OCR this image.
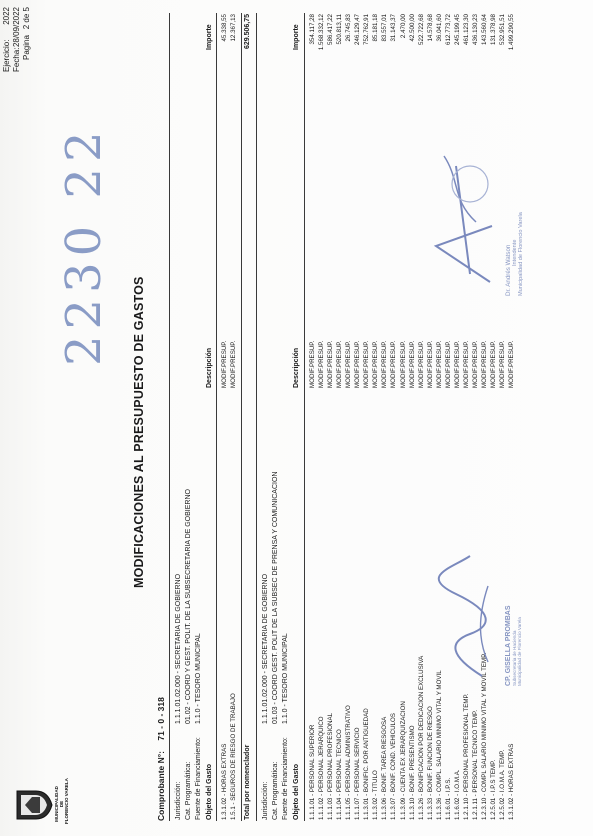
MUNICIPALIDAD DE FLORENCIO VARELA
MODIFICACIONES AL PRESUPUESTO DE GASTOS
2230 22
Ejercicio:
2022
Fecha:
28/09/2022
Pagina
2 de 5
Comprobante N°: 71 - 0 - 318
Jurisdicción:
1.1.1.01.02.000 - SECRETARIA DE GOBIERNO
Cat. Programática:
01.02 - COORD Y GEST. POLIT. DE LA SUBSECRETARIA DE GOBIERNO
Fuente de Financiamiento:
1.1.0 - TESORO MUNICIPAL
Objeto del Gasto
Descripción
Importe
1.3.1.02 - HORAS EXTRAS
MODIF.PRESUP.
45.338,55
1.5.1 - SEGUROS DE RIESGO DE TRABAJO
MODIF.PRESUP.
12.367,13
Total por nomenclador
629.506,75
Jurisdicción:
1.1.1.01.02.000 - SECRETARIA DE GOBIERNO
Cat. Programática:
01.03 - COORD GEST. POLIT DE LA SUBSEC DE PRENSA Y COMUNICACION
Fuente de Financiamiento:
1.1.0 - TESORO MUNICIPAL
Objeto del Gasto
Descripción
Importe
1.1.1.01 - PERSONAL SUPERIOR
MODIF.PRESUP.
354.117,28
1.1.1.02 - PERSONAL JERARQUICO
MODIF.PRESUP.
1.568.332,12
1.1.1.03 - PERSONAL PROFESIONAL
MODIF.PRESUP.
586.417,22
1.1.1.04 - PERSONAL TECNICO
MODIF.PRESUP.
520.813,11
1.1.1.05 - PERSONAL ADMINISTRATIVO
MODIF.PRESUP.
26.745,83
1.1.1.07 - PERSONAL SERVICIO
MODIF.PRESUP.
246.129,47
1.1.3.01 - BONIFIC. POR ANTIGUEDAD
MODIF.PRESUP.
752.762,91
1.1.3.02 - TITULO
MODIF.PRESUP.
85.181,18
1.1.3.06 - BONIF. TAREA RIESGOSA
MODIF.PRESUP.
83.557,01
1.1.3.07 - BONIF. COND. VEHICULOS
MODIF.PRESUP.
31.143,37
1.1.3.09 - CUENTA EX JERARQUIZACION
MODIF.PRESUP.
2.470,00
1.1.3.10 - BONIF. PRESENTISMO
MODIF.PRESUP.
42.500,00
1.1.3.26 - BONIFICACION POR DEDICACION EXCLUSIVA
MODIF.PRESUP.
522.722,68
1.1.3.33 - BONIF. FUNCION DE RIESGO
MODIF.PRESUP.
14.578,68
1.1.3.36 - COMPL. SALARIO MINIMO VITAL Y MOVIL
MODIF.PRESUP.
36.041,60
1.1.6.01 - I.P.S.
MODIF.PRESUP.
612.773,72
1.1.6.02 - I.O.M.A.
MODIF.PRESUP.
245.199,45
1.2.1.10 - PERSONAL PROFESIONAL TEMP.
MODIF.PRESUP.
461.123,30
1.2.1.11 - PERSONAL TECNICO TEMP.
MODIF.PRESUP.
436.130,23
1.2.3.10 - COMPL SALARIO MINIMO VITAL Y MOVIL TEMP.
MODIF.PRESUP.
143.560,64
1.2.5.01 - I.P.S TEMP.
MODIF.PRESUP.
131.378,98
1.2.5.02 - I.O.M.A. TEMP.
MODIF.PRESUP.
532.951,51
1.3.1.02 - HORAS EXTRAS
MODIF.PRESUP.
1.499.290,55
CP. GISELLA PROMBAS Subsecretaria de Hacienda Municipalidad de Florencio Varela
Dr. Andrés Watson Intendente Municipalidad de Florencio Varela
